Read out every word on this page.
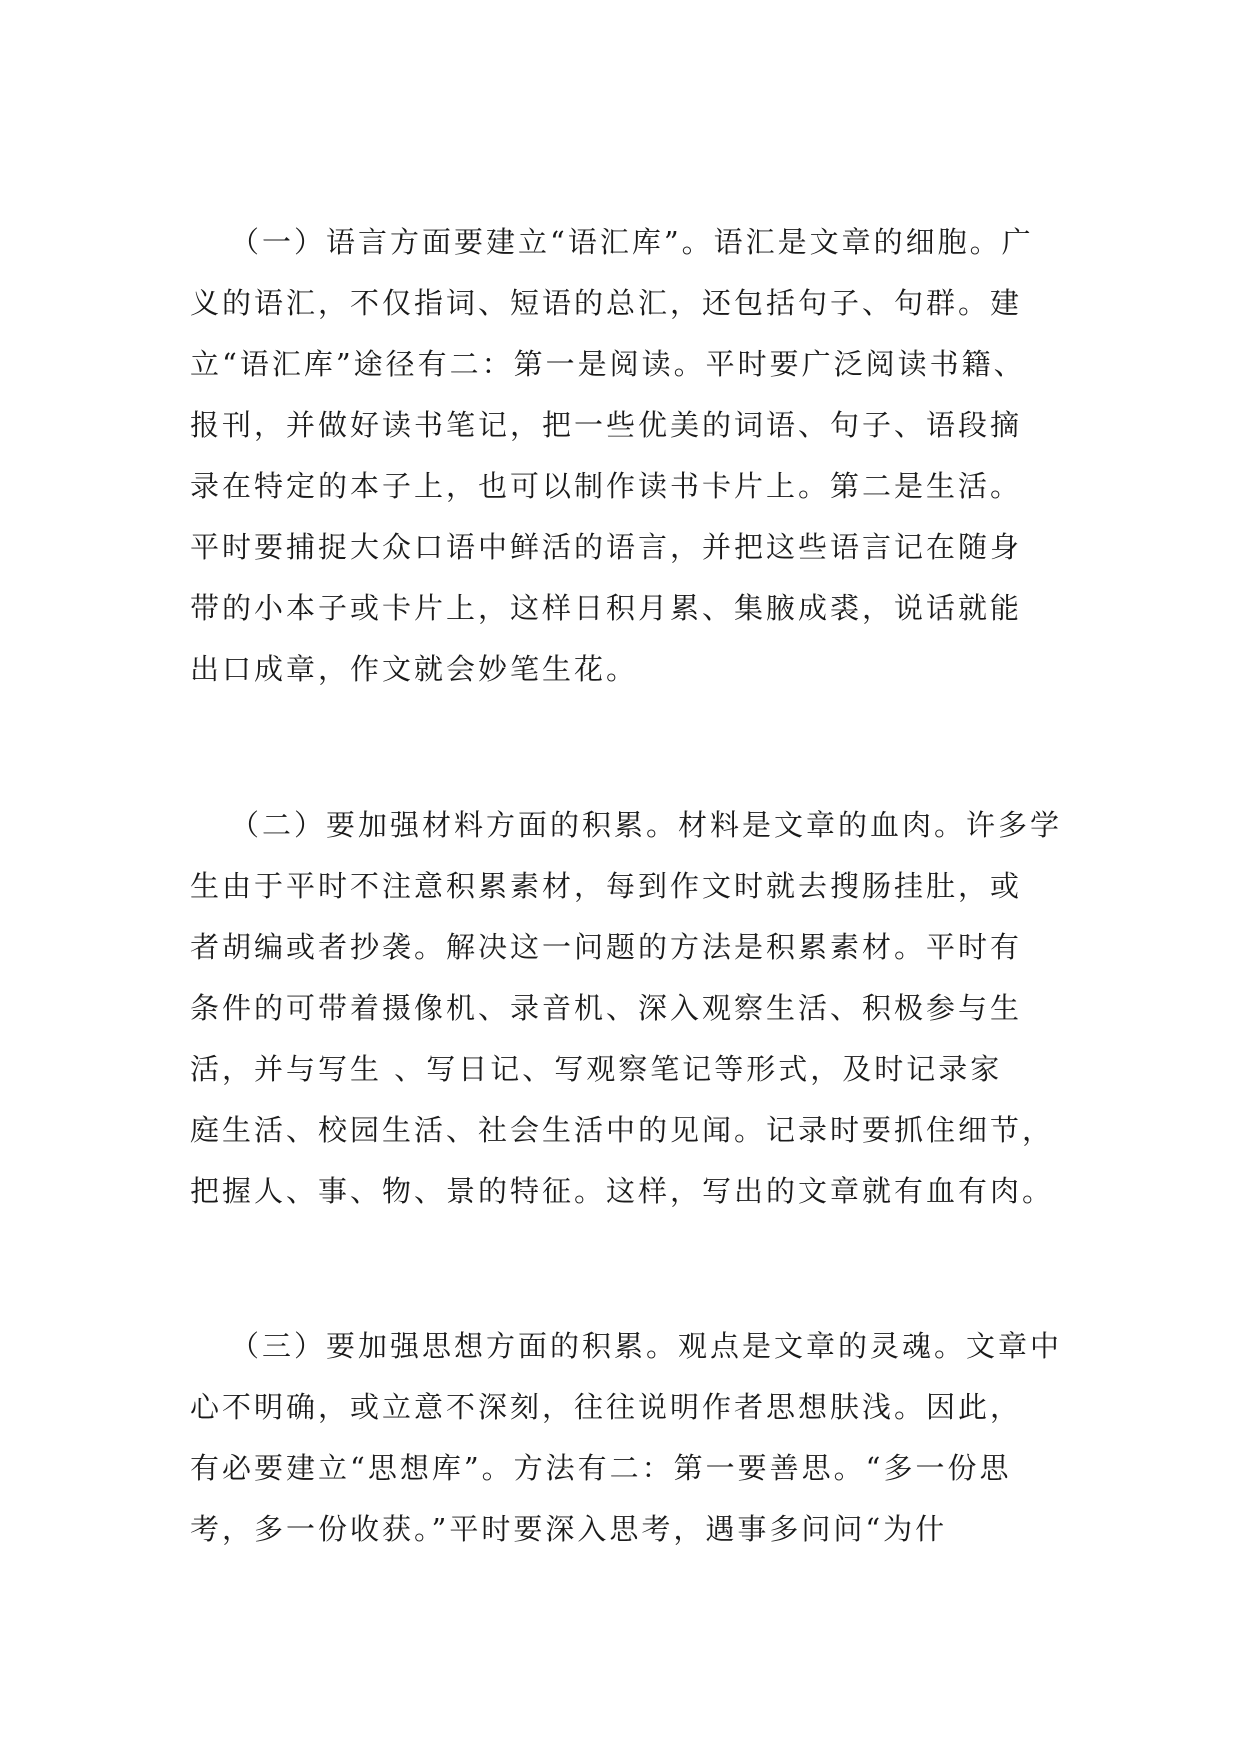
（一）语言方面要建立“语汇库”。语汇是文章的细胞。广
义的语汇，不仅指词、短语的总汇，还包括句子、句群。建
立“语汇库”途径有二：第一是阅读。平时要广泛阅读书籍、
报刊，并做好读书笔记，把一些优美的词语、句子、语段摘
录在特定的本子上，也可以制作读书卡片上。第二是生活。
平时要捕捉大众口语中鲜活的语言，并把这些语言记在随身
带的小本子或卡片上，这样日积月累、集腋成裘，说话就能
出口成章，作文就会妙笔生花。
（二）要加强材料方面的积累。材料是文章的血肉。许多学
生由于平时不注意积累素材，每到作文时就去搜肠挂肚，或
者胡编或者抄袭。解决这一问题的方法是积累素材。平时有
条件的可带着摄像机、录音机、深入观察生活、积极参与生
活，并与写生 、写日记、写观察笔记等形式，及时记录家
庭生活、校园生活、社会生活中的见闻。记录时要抓住细节，
把握人、事、物、景的特征。这样，写出的文章就有血有肉。
（三）要加强思想方面的积累。观点是文章的灵魂。文章中
心不明确，或立意不深刻，往往说明作者思想肤浅。因此，
有必要建立“思想库”。方法有二：第一要善思。“多一份思
考，多一份收获。”平时要深入思考，遇事多问问“为什
